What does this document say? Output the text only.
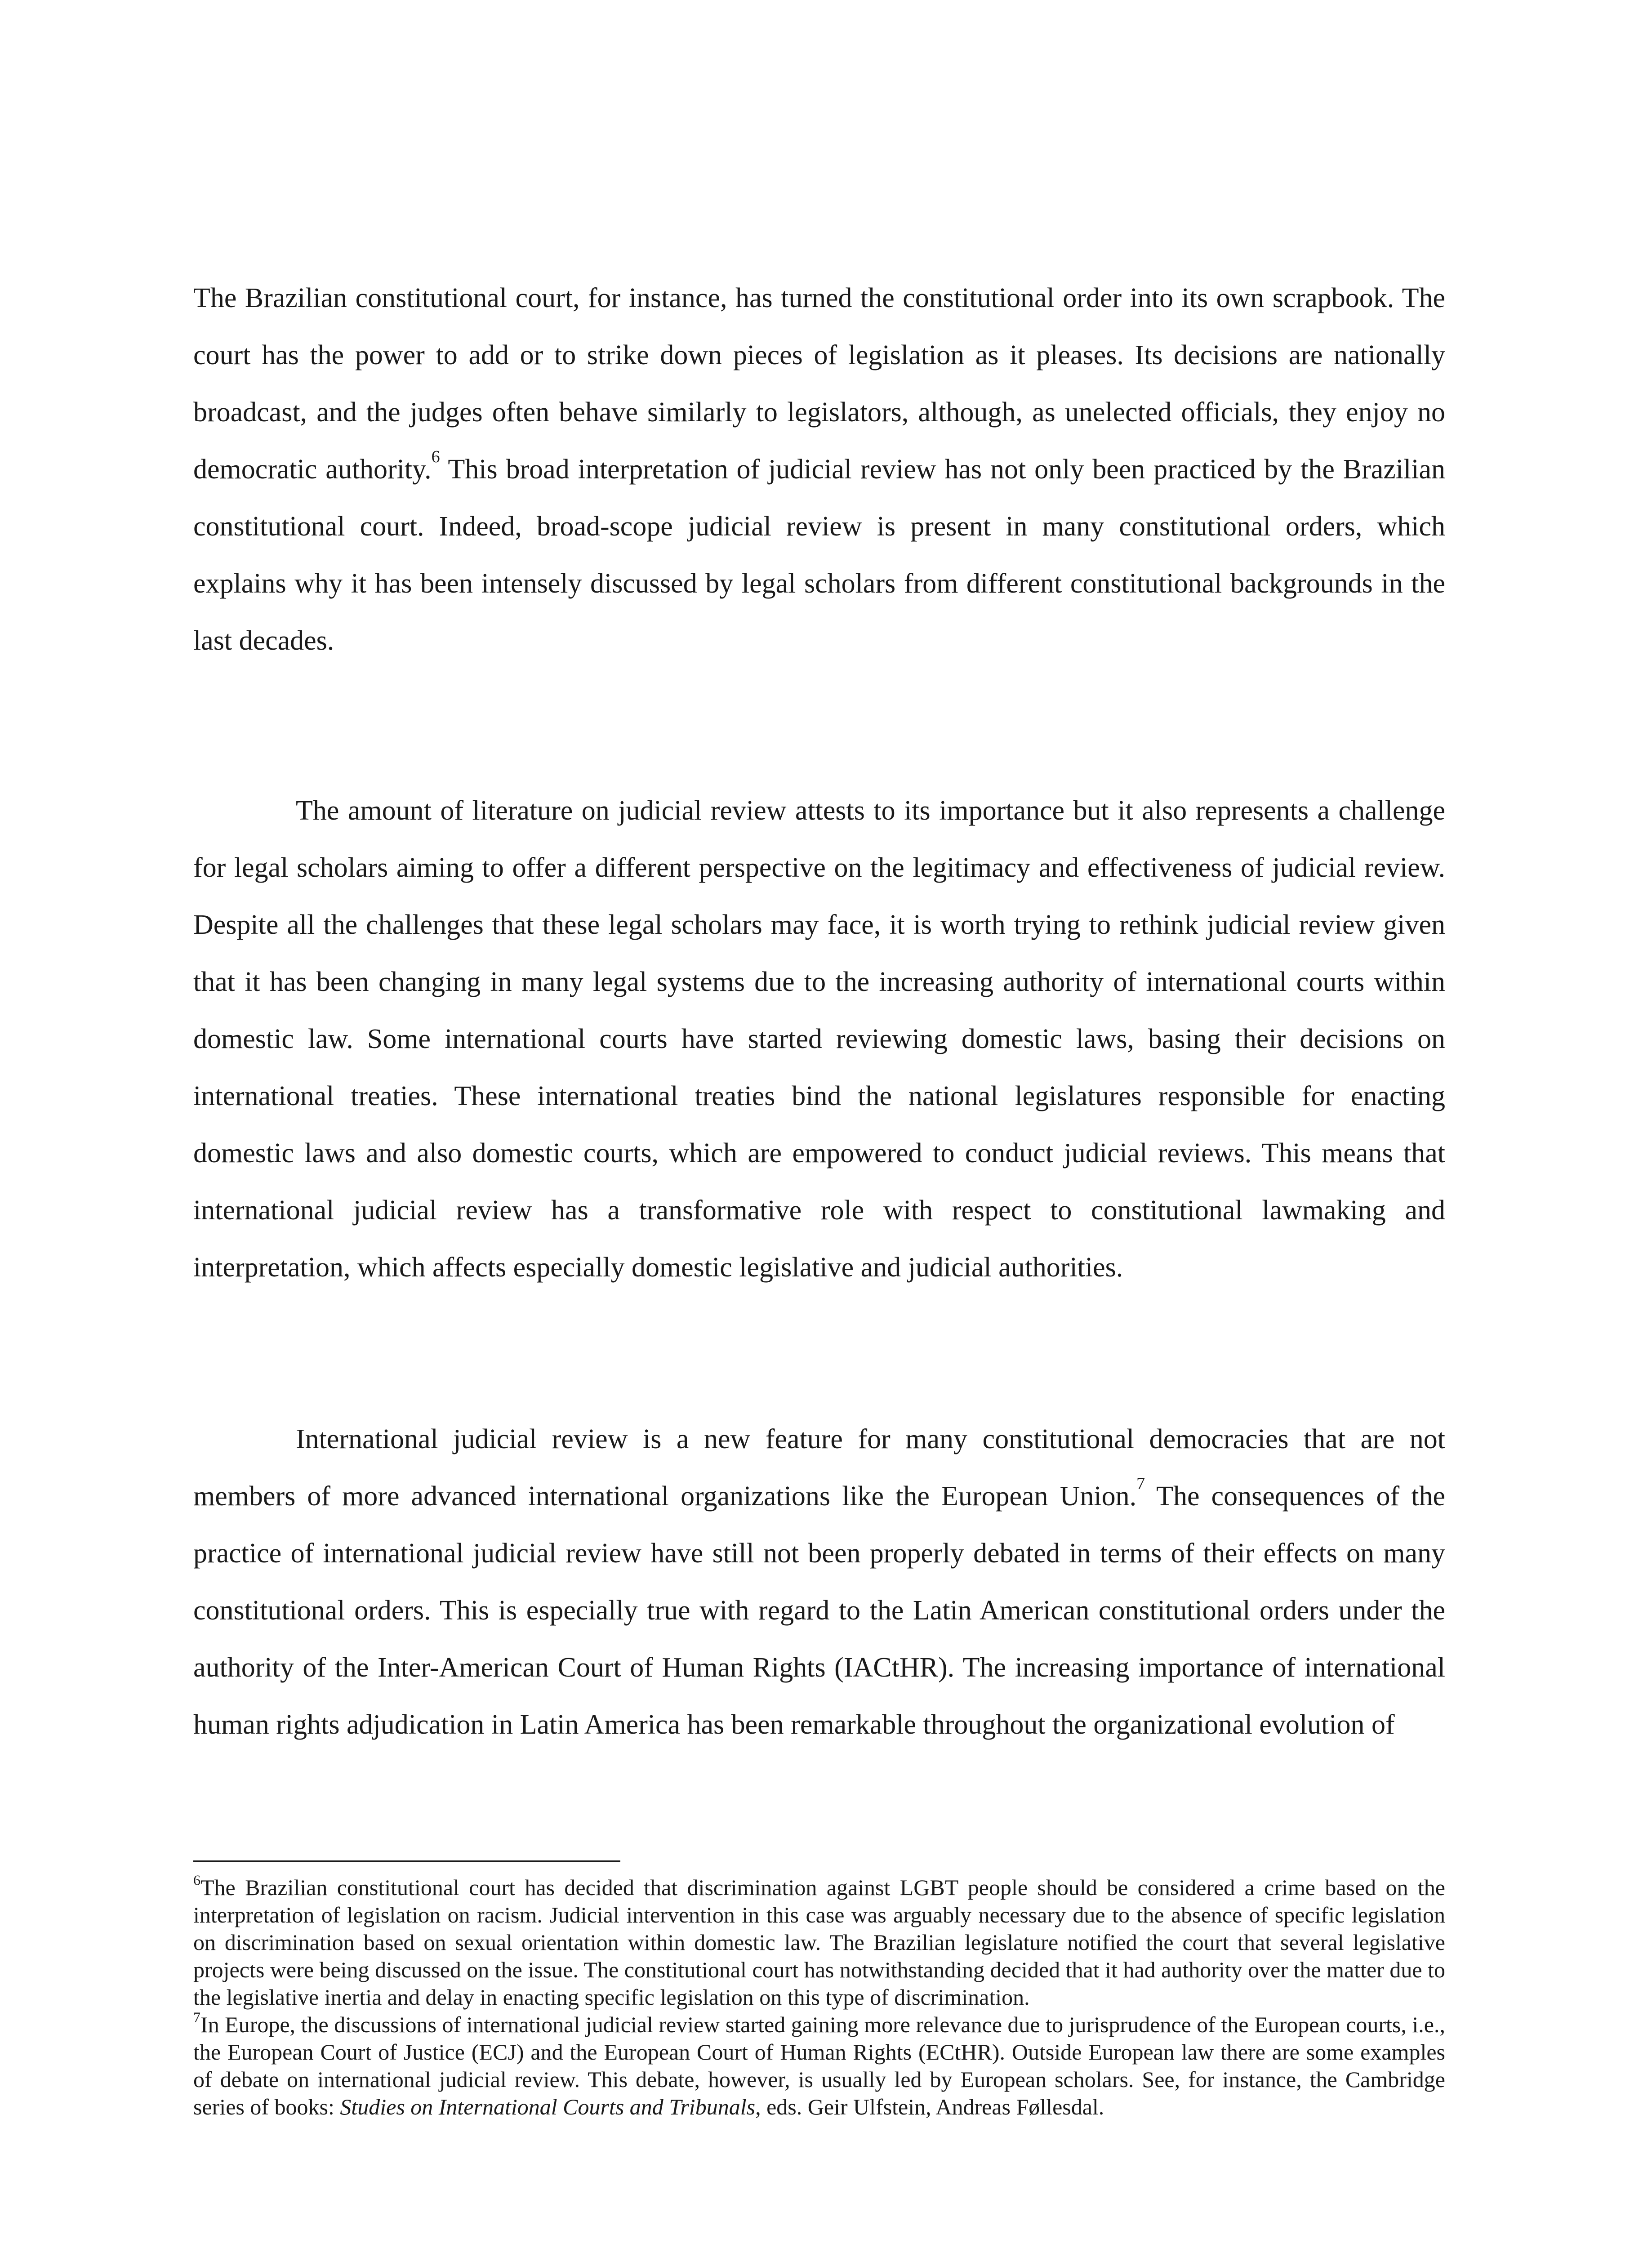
The Brazilian constitutional court, for instance, has turned the constitutional order into its own scrapbook. The court has the power to add or to strike down pieces of legislation as it pleases. Its decisions are nationally broadcast, and the judges often behave similarly to legislators, although, as unelected officials, they enjoy no democratic authority.$^6$ This broad interpretation of judicial review has not only been practiced by the Brazilian constitutional court. Indeed, broad-scope judicial review is present in many constitutional orders, which explains why it has been intensely discussed by legal scholars from different constitutional backgrounds in the last decades.

The amount of literature on judicial review attests to its importance but it also represents a challenge for legal scholars aiming to offer a different perspective on the legitimacy and effectiveness of judicial review. Despite all the challenges that these legal scholars may face, it is worth trying to rethink judicial review given that it has been changing in many legal systems due to the increasing authority of international courts within domestic law. Some international courts have started reviewing domestic laws, basing their decisions on international treaties. These international treaties bind the national legislatures responsible for enacting domestic laws and also domestic courts, which are empowered to conduct judicial reviews. This means that international judicial review has a transformative role with respect to constitutional lawmaking and interpretation, which affects especially domestic legislative and judicial authorities.

International judicial review is a new feature for many constitutional democracies that are not members of more advanced international organizations like the European Union.$^7$ The consequences of the practice of international judicial review have still not been properly debated in terms of their effects on many constitutional orders. This is especially true with regard to the Latin American constitutional orders under the authority of the Inter-American Court of Human Rights (IACtHR). The increasing importance of international human rights adjudication in Latin America has been remarkable throughout the organizational evolution of

$^6$The Brazilian constitutional court has decided that discrimination against LGBT people should be considered a crime based on the interpretation of legislation on racism. Judicial intervention in this case was arguably necessary due to the absence of specific legislation on discrimination based on sexual orientation within domestic law. The Brazilian legislature notified the court that several legislative projects were being discussed on the issue. The constitutional court has notwithstanding decided that it had authority over the matter due to the legislative inertia and delay in enacting specific legislation on this type of discrimination.

$^7$In Europe, the discussions of international judicial review started gaining more relevance due to jurisprudence of the European courts, i.e., the European Court of Justice (ECJ) and the European Court of Human Rights (ECtHR). Outside European law there are some examples of debate on international judicial review. This debate, however, is usually led by European scholars. See, for instance, the Cambridge series of books: Studies on International Courts and Tribunals, eds. Geir Ulfstein, Andreas Føllesdal.
